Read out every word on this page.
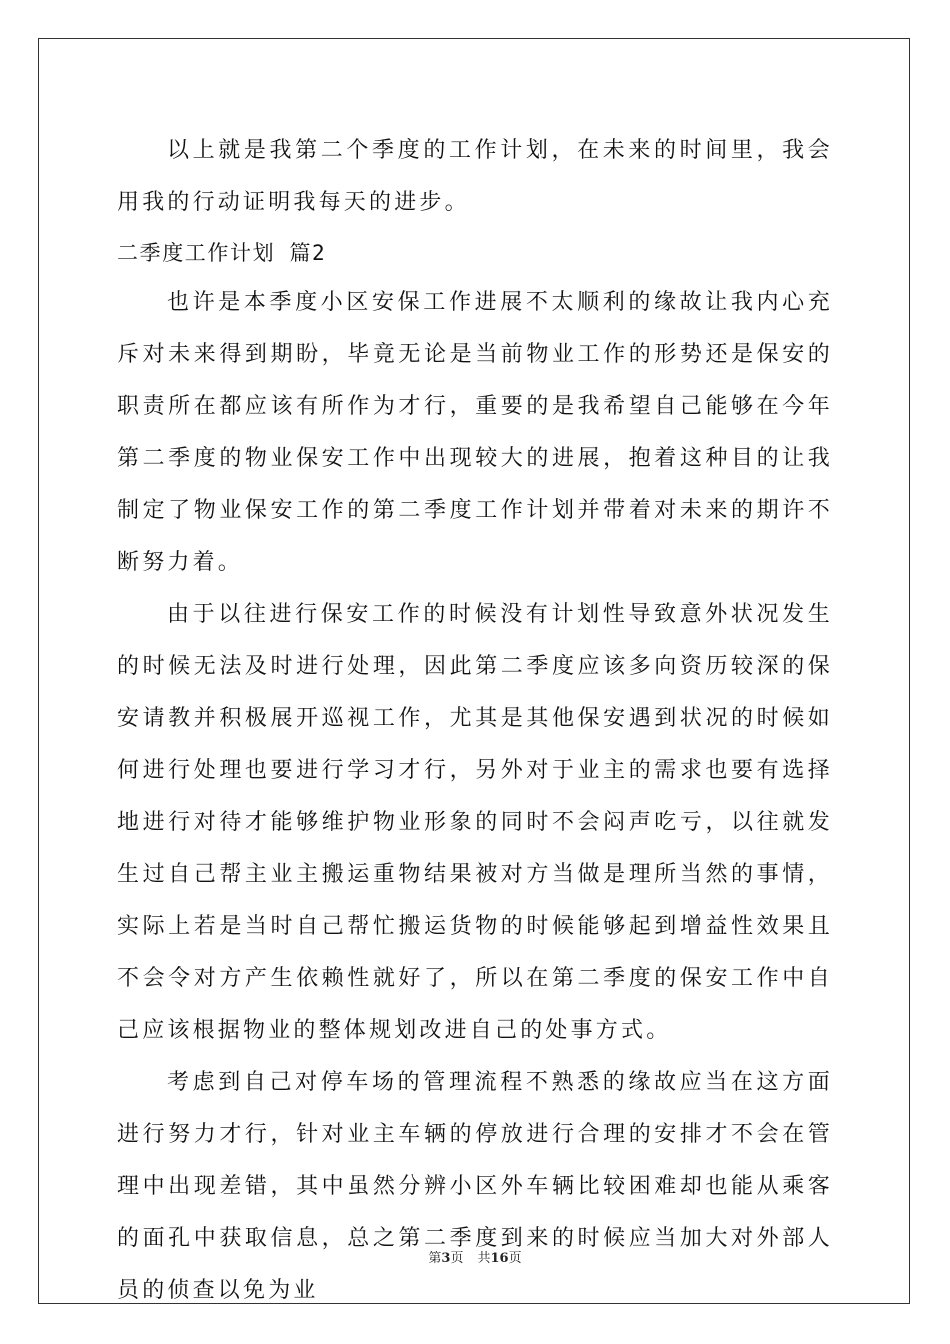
以上就是我第二个季度的工作计划，在未来的时间里，我会用我的行动证明我每天的进步。

二季度工作计划 篇2

也许是本季度小区安保工作进展不太顺利的缘故让我内心充斥对未来得到期盼，毕竟无论是当前物业工作的形势还是保安的职责所在都应该有所作为才行，重要的是我希望自己能够在今年第二季度的物业保安工作中出现较大的进展，抱着这种目的让我制定了物业保安工作的第二季度工作计划并带着对未来的期许不断努力着。

由于以往进行保安工作的时候没有计划性导致意外状况发生的时候无法及时进行处理，因此第二季度应该多向资历较深的保安请教并积极展开巡视工作，尤其是其他保安遇到状况的时候如何进行处理也要进行学习才行，另外对于业主的需求也要有选择地进行对待才能够维护物业形象的同时不会闷声吃亏，以往就发生过自己帮主业主搬运重物结果被对方当做是理所当然的事情，实际上若是当时自己帮忙搬运货物的时候能够起到增益性效果且不会令对方产生依赖性就好了，所以在第二季度的保安工作中自己应该根据物业的整体规划改进自己的处事方式。

考虑到自己对停车场的管理流程不熟悉的缘故应当在这方面进行努力才行，针对业主车辆的停放进行合理的安排才不会在管理中出现差错，其中虽然分辨小区外车辆比较困难却也能从乘客的面孔中获取信息，总之第二季度到来的时候应当加大对外部人员的侦查以免为业

第3页 共16页
